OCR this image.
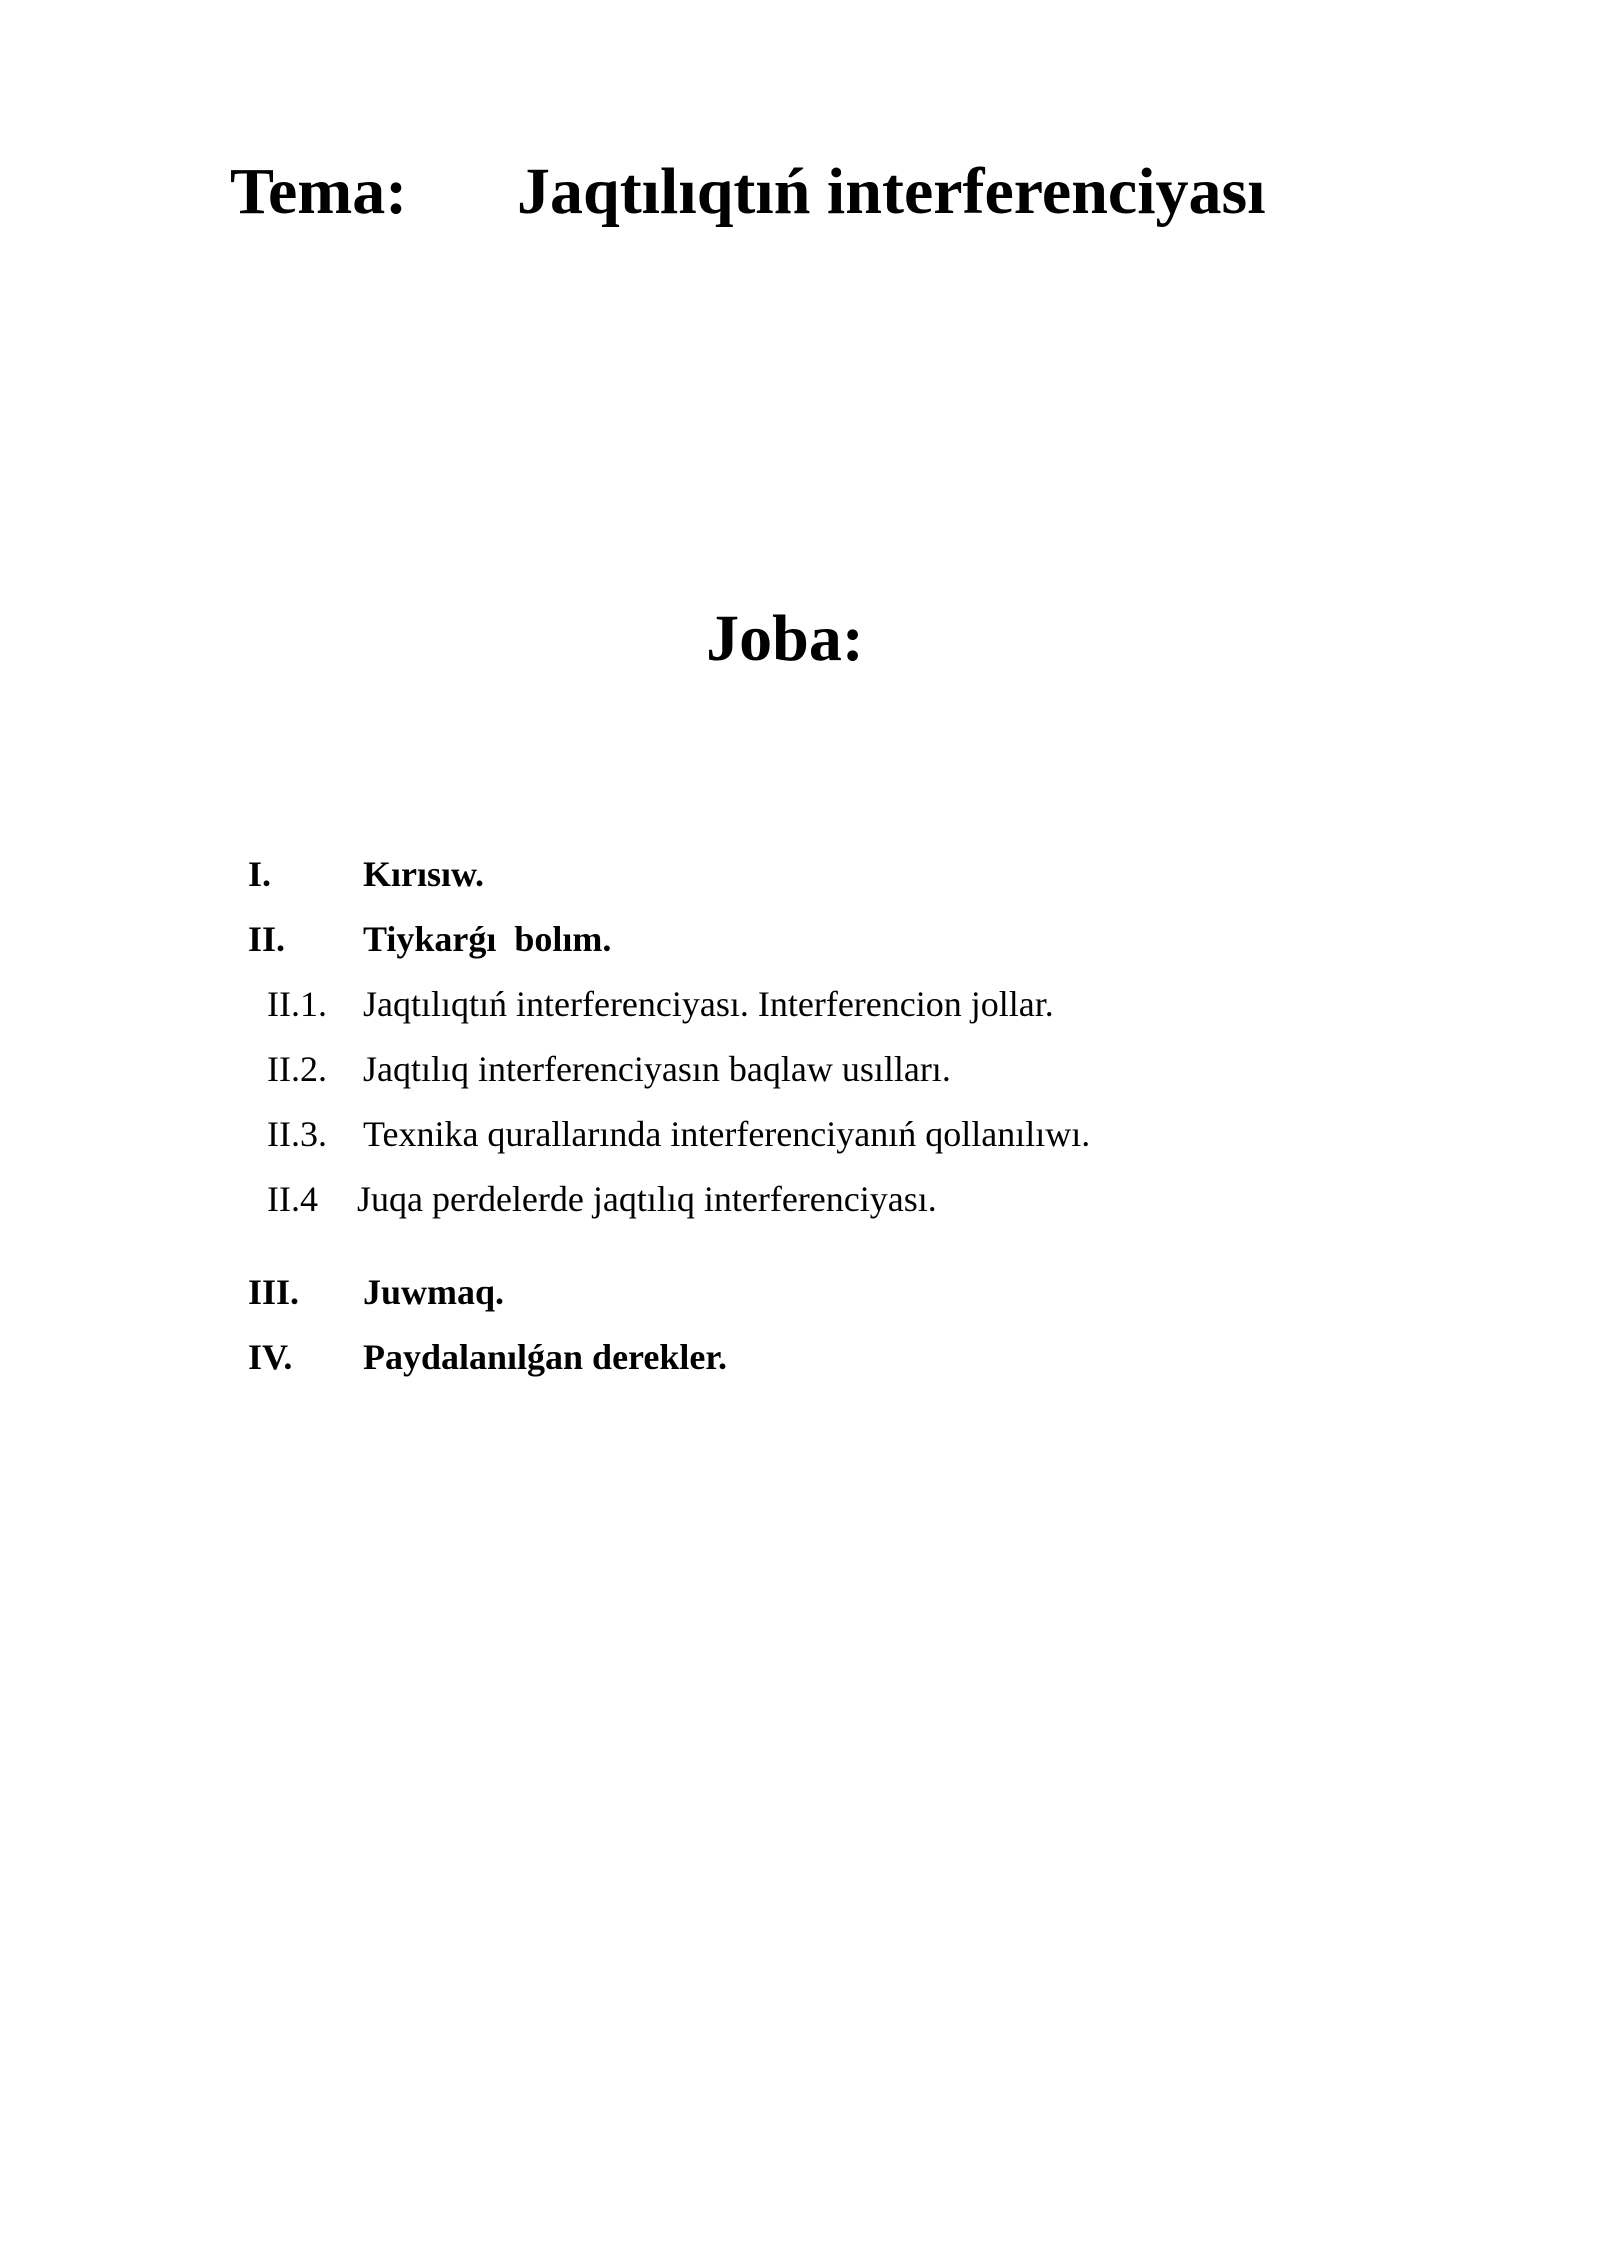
Tema: Jaqtılıqtıń interferenciyası
Joba:
I.	Kırısıw.
II. Tiykarǵı  bolım.
II.1. Jaqtılıqtıń interferenciyası. Interferencion jollar.
II.2. Jaqtılıq interferenciyasın baqlaw usılları.
II.3. Texnika qurallarında interferenciyanıń qollanılıwı.
II.4 Juqa perdelerde jaqtılıq interferenciyası.
III. Juwmaq.
IV. Paydalanılǵan derekler.
